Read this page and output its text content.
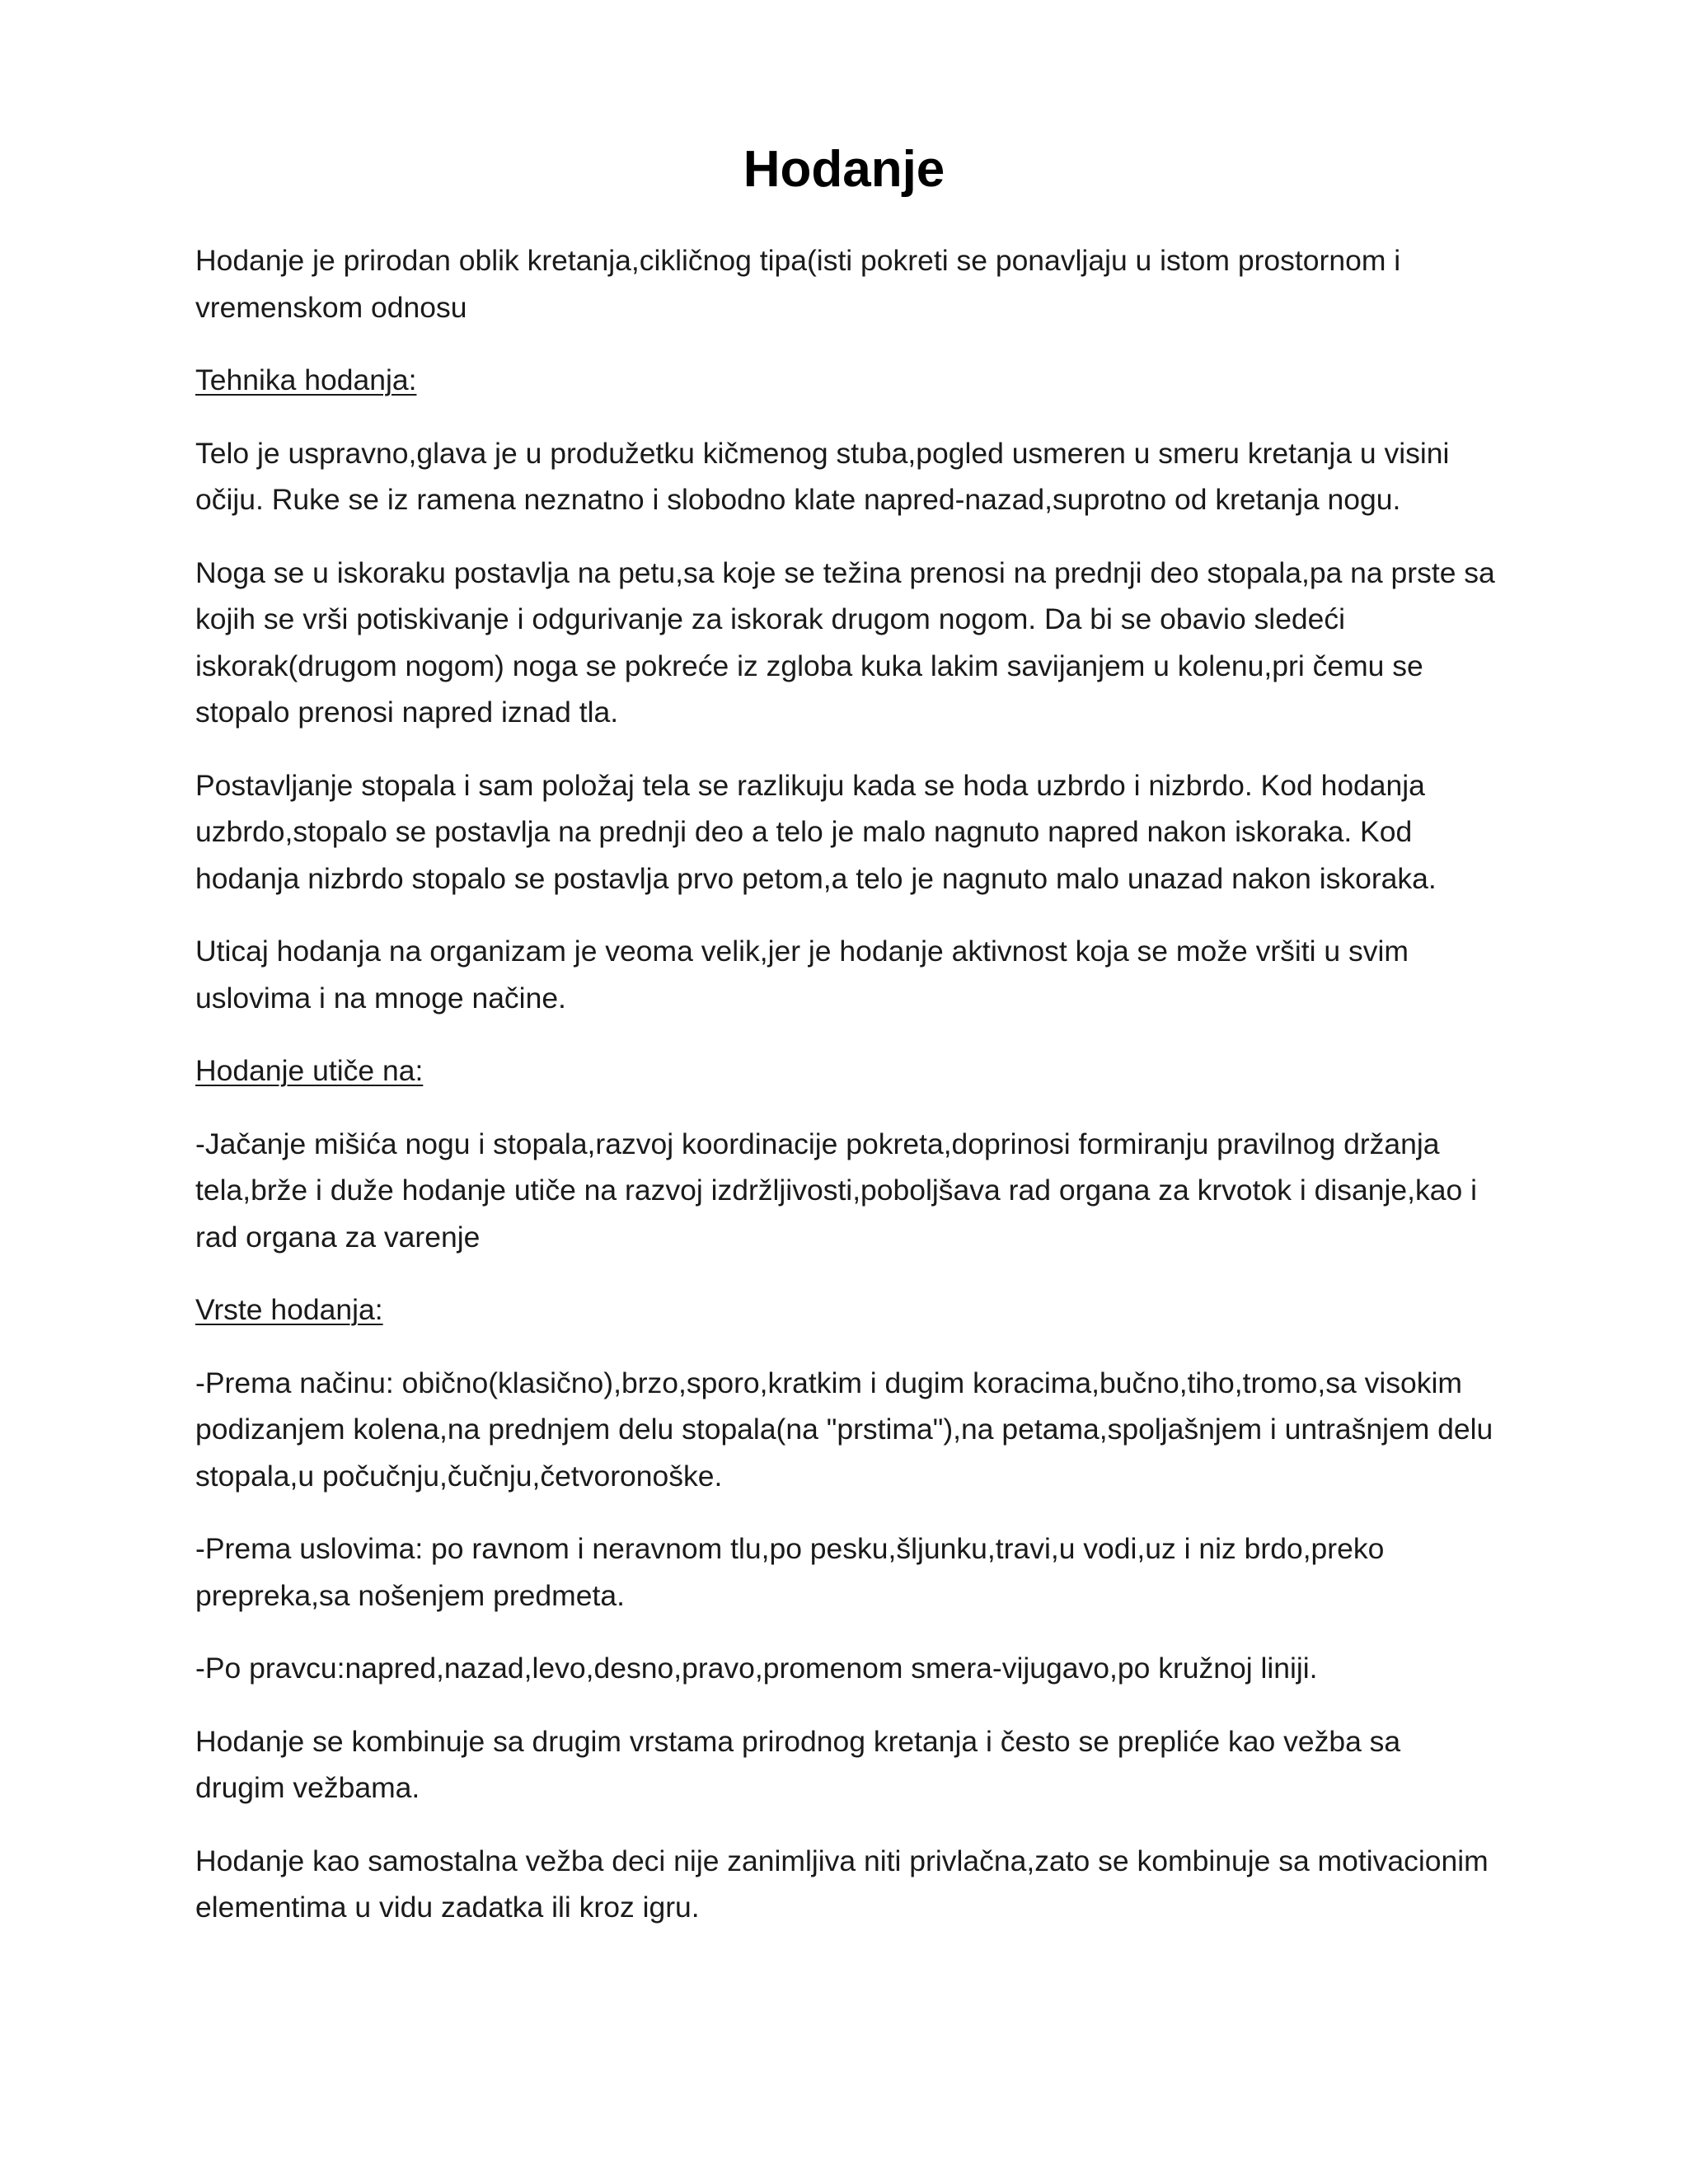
Hodanje

Hodanje je prirodan oblik kretanja,cikličnog tipa(isti pokreti se ponavljaju u istom prostornom i vremenskom odnosu

Tehnika hodanja:

Telo je uspravno,glava je u produžetku kičmenog stuba,pogled usmeren u smeru kretanja u visini očiju. Ruke se iz ramena neznatno i slobodno klate napred-nazad,suprotno od kretanja nogu.

Noga se u iskoraku postavlja na petu,sa koje se težina prenosi na prednji deo stopala,pa na prste sa kojih se vrši potiskivanje i odgurivanje za iskorak drugom nogom. Da bi se obavio sledeći iskorak(drugom nogom) noga se pokreće iz zgloba kuka lakim savijanjem u kolenu,pri čemu se stopalo prenosi napred iznad tla.

Postavljanje stopala i sam položaj tela se razlikuju kada se hoda uzbrdo i nizbrdo. Kod hodanja uzbrdo,stopalo se postavlja na prednji deo a telo je malo nagnuto napred nakon iskoraka. Kod hodanja nizbrdo stopalo se postavlja prvo petom,a telo je nagnuto malo unazad nakon iskoraka.

Uticaj hodanja na organizam je veoma velik,jer je hodanje aktivnost koja se može vršiti u svim uslovima i na mnoge načine.

Hodanje utiče na:

-Jačanje mišića nogu i stopala,razvoj koordinacije pokreta,doprinosi formiranju pravilnog držanja tela,brže i duže hodanje utiče na razvoj izdržljivosti,poboljšava rad organa za krvotok i disanje,kao i rad organa za varenje

Vrste hodanja:

-Prema načinu: obično(klasično),brzo,sporo,kratkim i dugim koracima,bučno,tiho,tromo,sa visokim podizanjem kolena,na prednjem delu stopala(na "prstima"),na petama,spoljašnjem i untrašnjem delu stopala,u počučnju,čučnju,četvoronoške.

-Prema uslovima: po ravnom i neravnom tlu,po pesku,šljunku,travi,u vodi,uz i niz brdo,preko prepreka,sa nošenjem predmeta.

-Po pravcu:napred,nazad,levo,desno,pravo,promenom smera-vijugavo,po kružnoj liniji.

Hodanje se kombinuje sa drugim vrstama prirodnog kretanja i često se preplićе kao vežba sa drugim vežbama.

Hodanje kao samostalna vežba deci nije zanimljiva niti privlačna,zato se kombinuje sa motivacionim elementima u vidu zadatka ili kroz igru.
